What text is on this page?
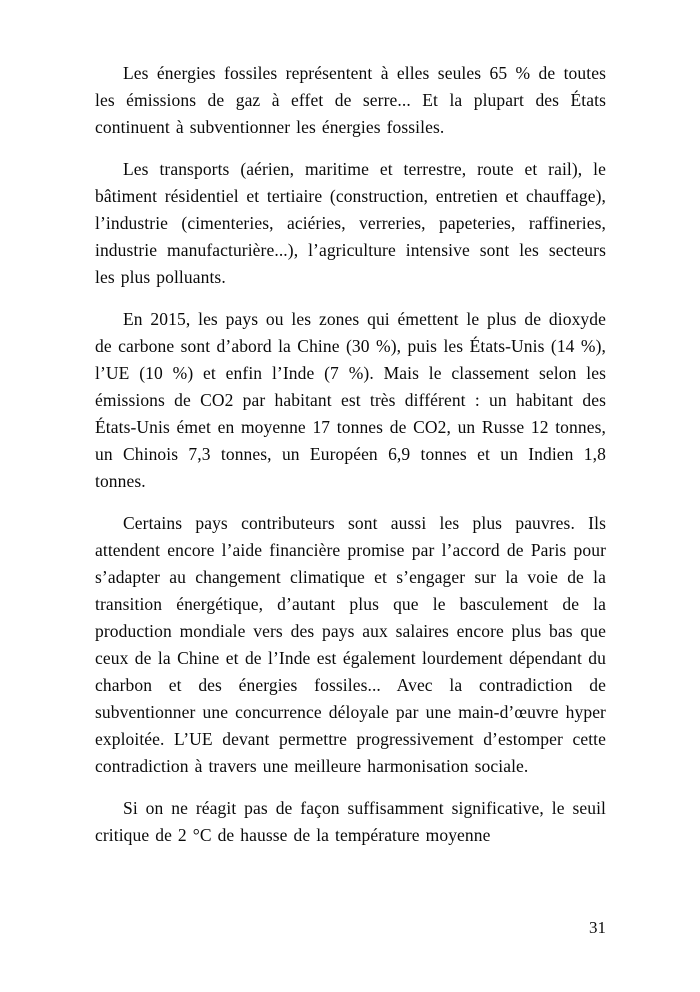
Les énergies fossiles représentent à elles seules 65 % de toutes les émissions de gaz à effet de serre... Et la plupart des États continuent à subventionner les énergies fossiles.

Les transports (aérien, maritime et terrestre, route et rail), le bâtiment résidentiel et tertiaire (construction, entretien et chauffage), l’industrie (cimenteries, aciéries, verreries, papeteries, raffineries, industrie manufacturière...), l’agriculture intensive sont les secteurs les plus polluants.

En 2015, les pays ou les zones qui émettent le plus de dioxyde de carbone sont d’abord la Chine (30 %), puis les États-Unis (14 %), l’UE (10 %) et enfin l’Inde (7 %). Mais le classement selon les émissions de CO2 par habitant est très différent : un habitant des États-Unis émet en moyenne 17 tonnes de CO2, un Russe 12 tonnes, un Chinois 7,3 tonnes, un Européen 6,9 tonnes et un Indien 1,8 tonnes.

Certains pays contributeurs sont aussi les plus pauvres. Ils attendent encore l’aide financière promise par l’accord de Paris pour s’adapter au changement climatique et s’engager sur la voie de la transition énergétique, d’autant plus que le basculement de la production mondiale vers des pays aux salaires encore plus bas que ceux de la Chine et de l’Inde est également lourdement dépendant du charbon et des énergies fossiles... Avec la contradiction de subventionner une concurrence déloyale par une main-d’œuvre hyper exploitée. L’UE devant permettre progressivement d’estomper cette contradiction à travers une meilleure harmonisation sociale.

Si on ne réagit pas de façon suffisamment significative, le seuil critique de 2 °C de hausse de la température moyenne

31
